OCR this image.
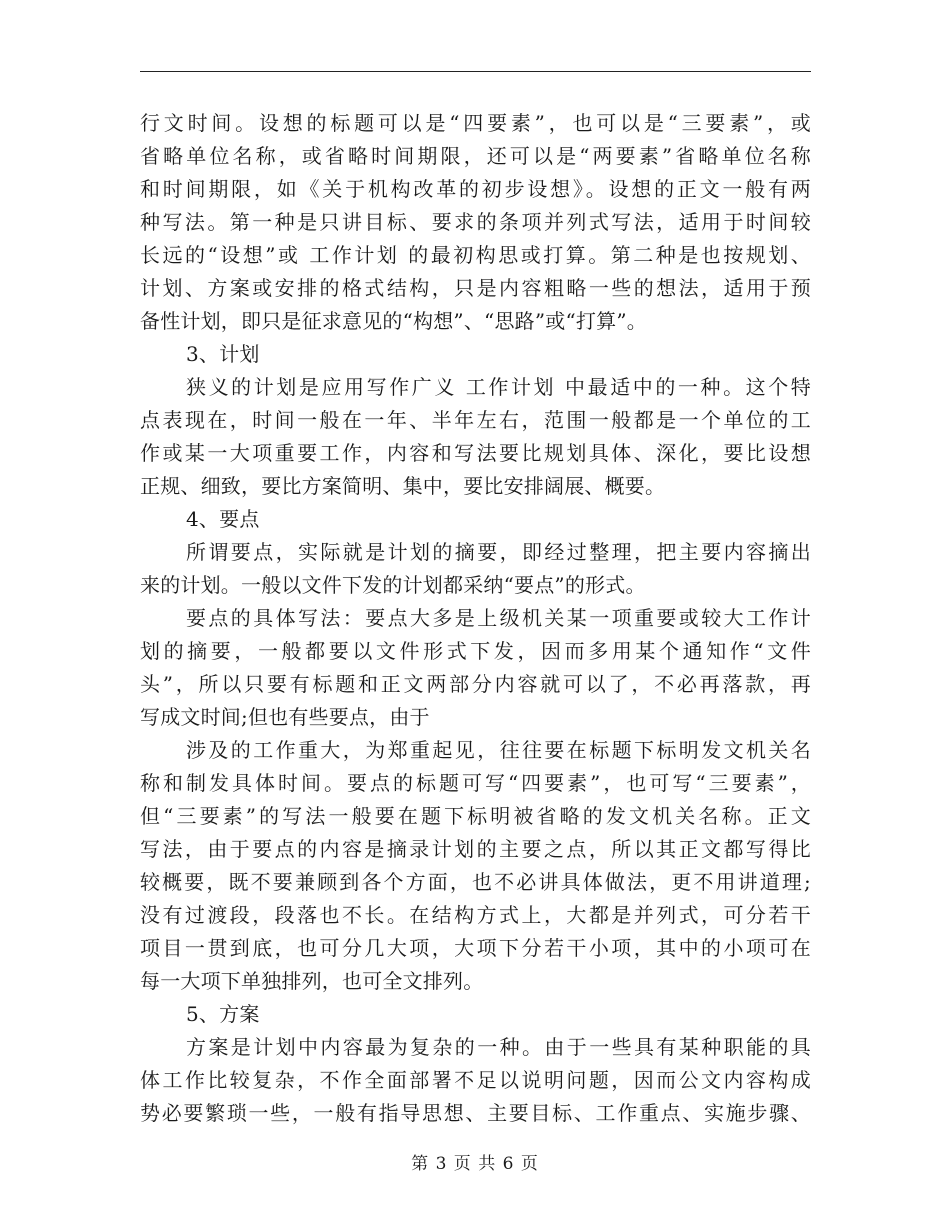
行文时间。设想的标题可以是“四要素”，也可以是“三要素”，或
省略单位名称，或省略时间期限，还可以是“两要素”省略单位名称
和时间期限，如《关于机构改革的初步设想》。设想的正文一般有两
种写法。第一种是只讲目标、要求的条项并列式写法，适用于时间较
长远的“设想”或 工作计划 的最初构思或打算。第二种是也按规划、
计划、方案或安排的格式结构，只是内容粗略一些的想法，适用于预
备性计划，即只是征求意见的“构想”、“思路”或“打算”。
3、计划
狭义的计划是应用写作广义 工作计划 中最适中的一种。这个特
点表现在，时间一般在一年、半年左右，范围一般都是一个单位的工
作或某一大项重要工作，内容和写法要比规划具体、深化，要比设想
正规、细致，要比方案简明、集中，要比安排阔展、概要。
4、要点
所谓要点，实际就是计划的摘要，即经过整理，把主要内容摘出
来的计划。一般以文件下发的计划都采纳“要点”的形式。
要点的具体写法：要点大多是上级机关某一项重要或较大工作计
划的摘要，一般都要以文件形式下发，因而多用某个通知作“文件
头”，所以只要有标题和正文两部分内容就可以了，不必再落款，再
写成文时间;但也有些要点，由于
涉及的工作重大，为郑重起见，往往要在标题下标明发文机关名
称和制发具体时间。要点的标题可写“四要素”，也可写“三要素”，
但“三要素”的写法一般要在题下标明被省略的发文机关名称。正文
写法，由于要点的内容是摘录计划的主要之点，所以其正文都写得比
较概要，既不要兼顾到各个方面，也不必讲具体做法，更不用讲道理;
没有过渡段，段落也不长。在结构方式上，大都是并列式，可分若干
项目一贯到底，也可分几大项，大项下分若干小项，其中的小项可在
每一大项下单独排列，也可全文排列。
5、方案
方案是计划中内容最为复杂的一种。由于一些具有某种职能的具
体工作比较复杂，不作全面部署不足以说明问题，因而公文内容构成
势必要繁琐一些，一般有指导思想、主要目标、工作重点、实施步骤、
第 3 页 共 6 页
